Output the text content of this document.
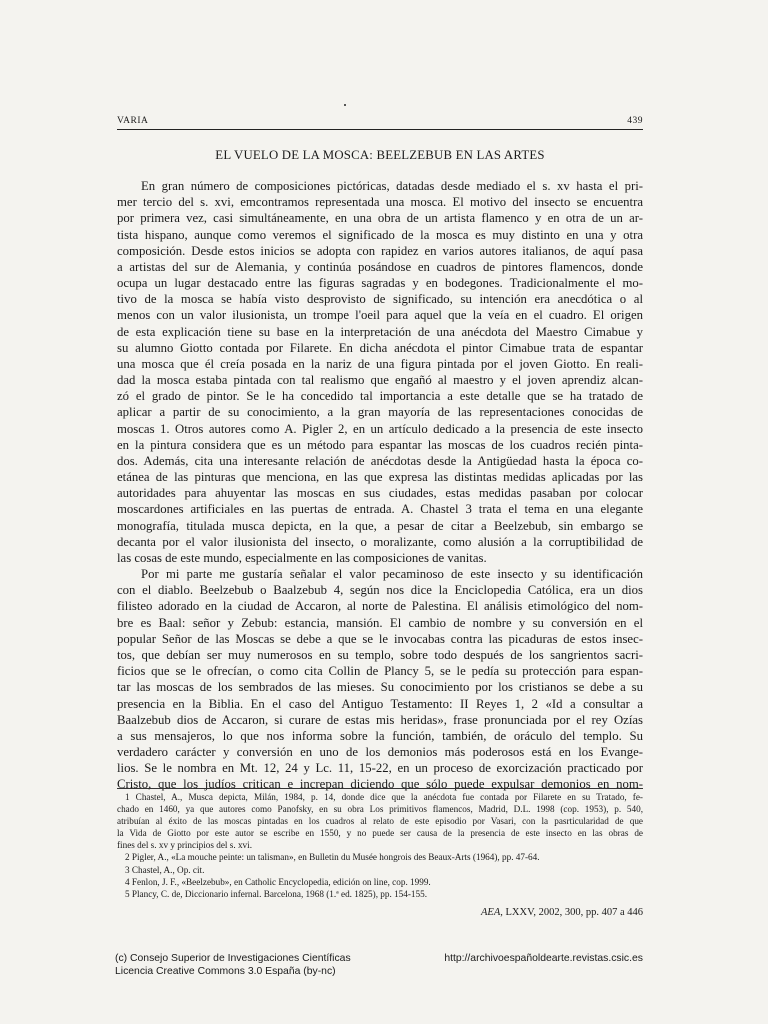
VARIA	439
EL VUELO DE LA MOSCA: BEELZEBUB EN LAS ARTES
En gran número de composiciones pictóricas, datadas desde mediado el s. xv hasta el pri-
mer tercio del s. xvi, emcontramos representada una mosca. El motivo del insecto se encuentra
por primera vez, casi simultáneamente, en una obra de un artista flamenco y en otra de un ar-
tista hispano, aunque como veremos el significado de la mosca es muy distinto en una y otra
composición. Desde estos inicios se adopta con rapidez en varios autores italianos, de aquí pasa
a artistas del sur de Alemania, y continúa posándose en cuadros de pintores flamencos, donde
ocupa un lugar destacado entre las figuras sagradas y en bodegones. Tradicionalmente el mo-
tivo de la mosca se había visto desprovisto de significado, su intención era anecdótica o al
menos con un valor ilusionista, un trompe l'oeil para aquel que la veía en el cuadro. El origen
de esta explicación tiene su base en la interpretación de una anécdota del Maestro Cimabue y
su alumno Giotto contada por Filarete. En dicha anécdota el pintor Cimabue trata de espantar
una mosca que él creía posada en la nariz de una figura pintada por el joven Giotto. En reali-
dad la mosca estaba pintada con tal realismo que engañó al maestro y el joven aprendiz alcan-
zó el grado de pintor. Se le ha concedido tal importancia a este detalle que se ha tratado de
aplicar a partir de su conocimiento, a la gran mayoría de las representaciones conocidas de
moscas 1. Otros autores como A. Pigler 2, en un artículo dedicado a la presencia de este insecto
en la pintura considera que es un método para espantar las moscas de los cuadros recién pinta-
dos. Además, cita una interesante relación de anécdotas desde la Antigüedad hasta la época co-
etánea de las pinturas que menciona, en las que expresa las distintas medidas aplicadas por las
autoridades para ahuyentar las moscas en sus ciudades, estas medidas pasaban por colocar
moscardones artificiales en las puertas de entrada. A. Chastel 3 trata el tema en una elegante
monografía, titulada musca depicta, en la que, a pesar de citar a Beelzebub, sin embargo se
decanta por el valor ilusionista del insecto, o moralizante, como alusión a la corruptibilidad de
las cosas de este mundo, especialmente en las composiciones de vanitas.
Por mi parte me gustaría señalar el valor pecaminoso de este insecto y su identificación
con el diablo. Beelzebub o Baalzebub 4, según nos dice la Enciclopedia Católica, era un dios
filisteo adorado en la ciudad de Accaron, al norte de Palestina. El análisis etimológico del nom-
bre es Baal: señor y Zebub: estancia, mansión. El cambio de nombre y su conversión en el
popular Señor de las Moscas se debe a que se le invocabas contra las picaduras de estos insec-
tos, que debían ser muy numerosos en su templo, sobre todo después de los sangrientos sacri-
ficios que se le ofrecían, o como cita Collin de Plancy 5, se le pedía su protección para espan-
tar las moscas de los sembrados de las mieses. Su conocimiento por los cristianos se debe a su
presencia en la Biblia. En el caso del Antiguo Testamento: II Reyes 1, 2 «Id a consultar a
Baalzebub dios de Accaron, si curare de estas mis heridas», frase pronunciada por el rey Ozías
a sus mensajeros, lo que nos informa sobre la función, también, de oráculo del templo. Su
verdadero carácter y conversión en uno de los demonios más poderosos está en los Evange-
lios. Se le nombra en Mt. 12, 24 y Lc. 11, 15-22, en un proceso de exorcización practicado por
Cristo, que los judíos critican e increpan diciendo que sólo puede expulsar demonios en nom-
1 Chastel, A., Musca depicta, Milán, 1984, p. 14, donde dice que la anécdota fue contada por Filarete en su Tratado, fe-
chado en 1460, ya que autores como Panofsky, en su obra Los primitivos flamencos, Madrid, D.L. 1998 (cop. 1953), p. 540,
atribuían al éxito de las moscas pintadas en los cuadros al relato de este episodio por Vasari, con la pasrticularidad de que
la Vida de Giotto por este autor se escribe en 1550, y no puede ser causa de la presencia de este insecto en las obras de
fines del s. xv y principios del s. xvi.
2 Pigler, A., «La mouche peinte: un talisman», en Bulletin du Musée hongrois des Beaux-Arts (1964), pp. 47-64.
3 Chastel, A., Op. cit.
4 Fenlon, J. F., «Beelzebub», en Catholic Encyclopedia, edición on line, cop. 1999.
5 Plancy, C. de, Diccionario infernal. Barcelona, 1968 (1.ª ed. 1825), pp. 154-155.
AEA, LXXV, 2002, 300, pp. 407 a 446
(c) Consejo Superior de Investigaciones Científicas
Licencia Creative Commons 3.0 España (by-nc)
http://archivoespañoldearte.revistas.csic.es
